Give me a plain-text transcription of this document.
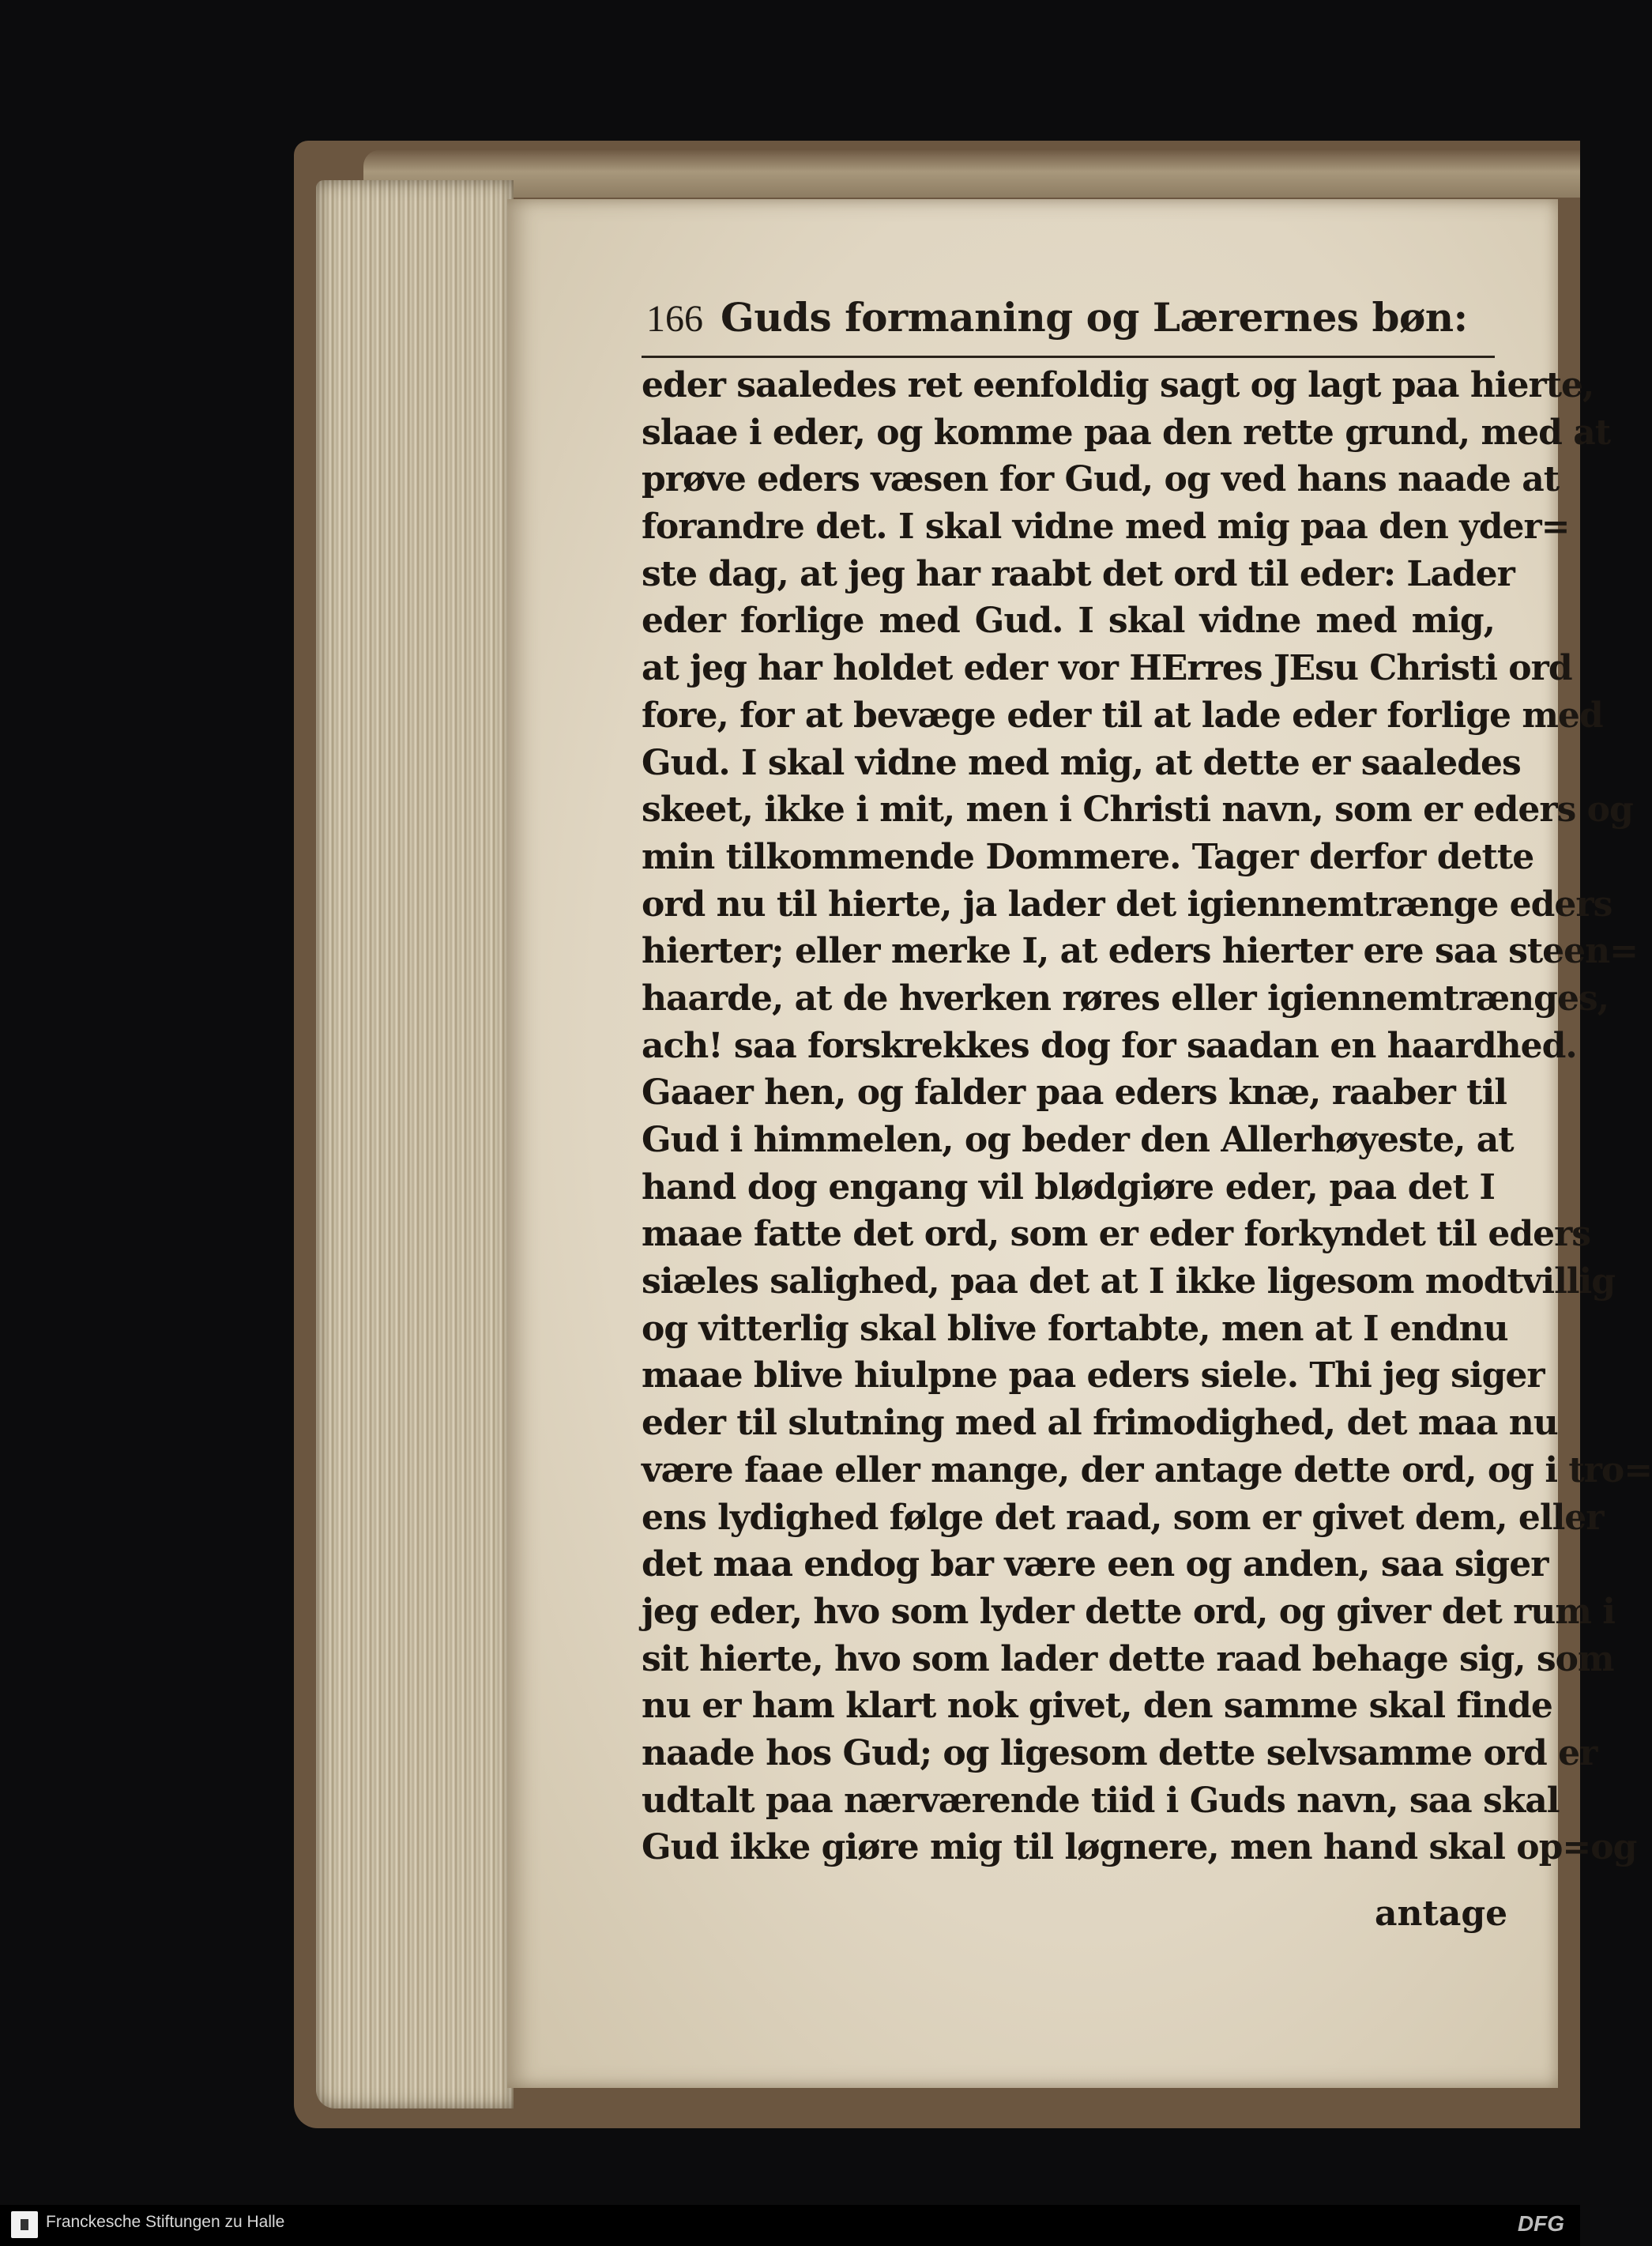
166 Guds formaning og Lærernes bøn:
eder saaledes ret eenfoldig sagt og lagt paa hierte,
slaae i eder, og komme paa den rette grund, med at
prøve eders væsen for Gud, og ved hans naade at
forandre det. I skal vidne med mig paa den yder=
ste dag, at jeg har raabt det ord til eder: Lader
eder forlige med Gud. I skal vidne med mig,
at jeg har holdet eder vor HErres JEsu Christi ord
fore, for at bevæge eder til at lade eder forlige med
Gud. I skal vidne med mig, at dette er saaledes
skeet, ikke i mit, men i Christi navn, som er eders og
min tilkommende Dommere. Tager derfor dette
ord nu til hierte, ja lader det igiennemtrænge eders
hierter; eller merke I, at eders hierter ere saa steen=
haarde, at de hverken røres eller igiennemtrænges,
ach! saa forskrekkes dog for saadan en haardhed.
Gaaer hen, og falder paa eders knæ, raaber til
Gud i himmelen, og beder den Allerhøyeste, at
hand dog engang vil blødgiøre eder, paa det I
maae fatte det ord, som er eder forkyndet til eders
siæles salighed, paa det at I ikke ligesom modtvillig
og vitterlig skal blive fortabte, men at I endnu
maae blive hiulpne paa eders siele. Thi jeg siger
eder til slutning med al frimodighed, det maa nu
være faae eller mange, der antage dette ord, og i tro=
ens lydighed følge det raad, som er givet dem, eller
det maa endog bar være een og anden, saa siger
jeg eder, hvo som lyder dette ord, og giver det rum i
sit hierte, hvo som lader dette raad behage sig, som
nu er ham klart nok givet, den samme skal finde
naade hos Gud; og ligesom dette selvsamme ord er
udtalt paa nærværende tiid i Guds navn, saa skal
Gud ikke giøre mig til løgnere, men hand skal op=og
antage
Franckesche Stiftungen zu Halle	DFG
